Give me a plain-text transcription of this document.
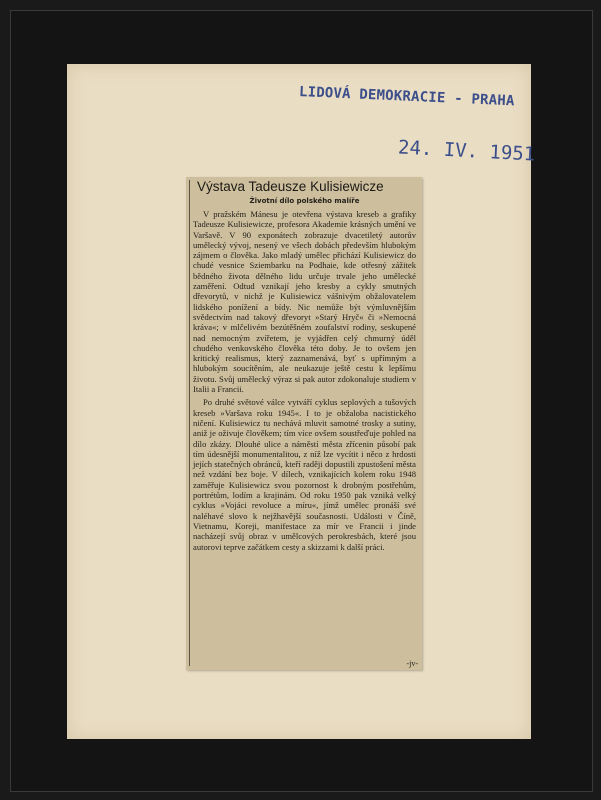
LIDOVÁ DEMOKRACIE - PRAHA
24. IV. 1951
Výstava Tadeusze Kulisiewicze
Životní dílo polského malíře

V pražském Mánesu je otevřena výstava kreseb a grafiky Tadeusze Kulisiewicze, profesora Akademie krásných umění ve Varšavě. V 90 exponátech zobrazuje dvacetiletý autorův umělecký vývoj, nesený ve všech dobách především hlubokým zájmem o člověka. Jako mladý umělec přichází Kulisiewicz do chudé vesnice Sziembarku na Podhaie, kde otřesný zážitek bědného života dělného lidu určuje trvale jeho umělecké zaměření. Odtud vznikají jeho kresby a cykly smutných dřevorytů, v nichž je Kulisiewicz vášnivým obžalovatelem lidského ponížení a bídy. Nic nemůže být výmluvnějším svědectvím nad takový dřevoryt »Starý Hryč« či »Nemocná kráva«; v mlčelivém bezútěšném zoufalství rodiny, seskupené nad nemocným zvířetem, je vyjádřen celý chmurný úděl chudého venkovského člověka této doby. Je to ovšem jen kritický realismus, který zaznamenává, byť s upřímným a hlubokým soucítěním, ale neukazuje ještě cestu k lepšímu životu. Svůj umělecký výraz si pak autor zdokonaluje studiem v Italii a Francii.

Po druhé světové válce vytváří cyklus seplových a tušových kreseb »Varšava roku 1945«. I to je obžaloba nacistického ničení. Kulisiewicz tu nechává mluvit samotné trosky a sutiny, aniž je oživuje člověkem; tím více ovšem soustřeďuje pohled na dílo zkázy. Dlouhé ulice a náměstí města zřícenin působí pak tím údesnější monumentalitou, z níž lze vycítit i něco z hrdosti jejích statečných obránců, kteří raději dopustili zpustošení města než vzdání bez boje. V dílech, vznikajících kolem roku 1948 zaměřuje Kulisiewicz svou pozornost k drobným postřehům, portrétům, lodím a krajinám. Od roku 1950 pak vzniká velký cyklus »Vojáci revoluce a míru«, jímž umělec pronáší své naléhavé slovo k nejžhavější současnosti. Události v Číně, Vietnamu, Koreji, manifestace za mír ve Francii i jinde nacházejí svůj obraz v umělcových perokresbách, které jsou autorovi teprve začátkem cesty a skizzami k další práci.

-jv-
